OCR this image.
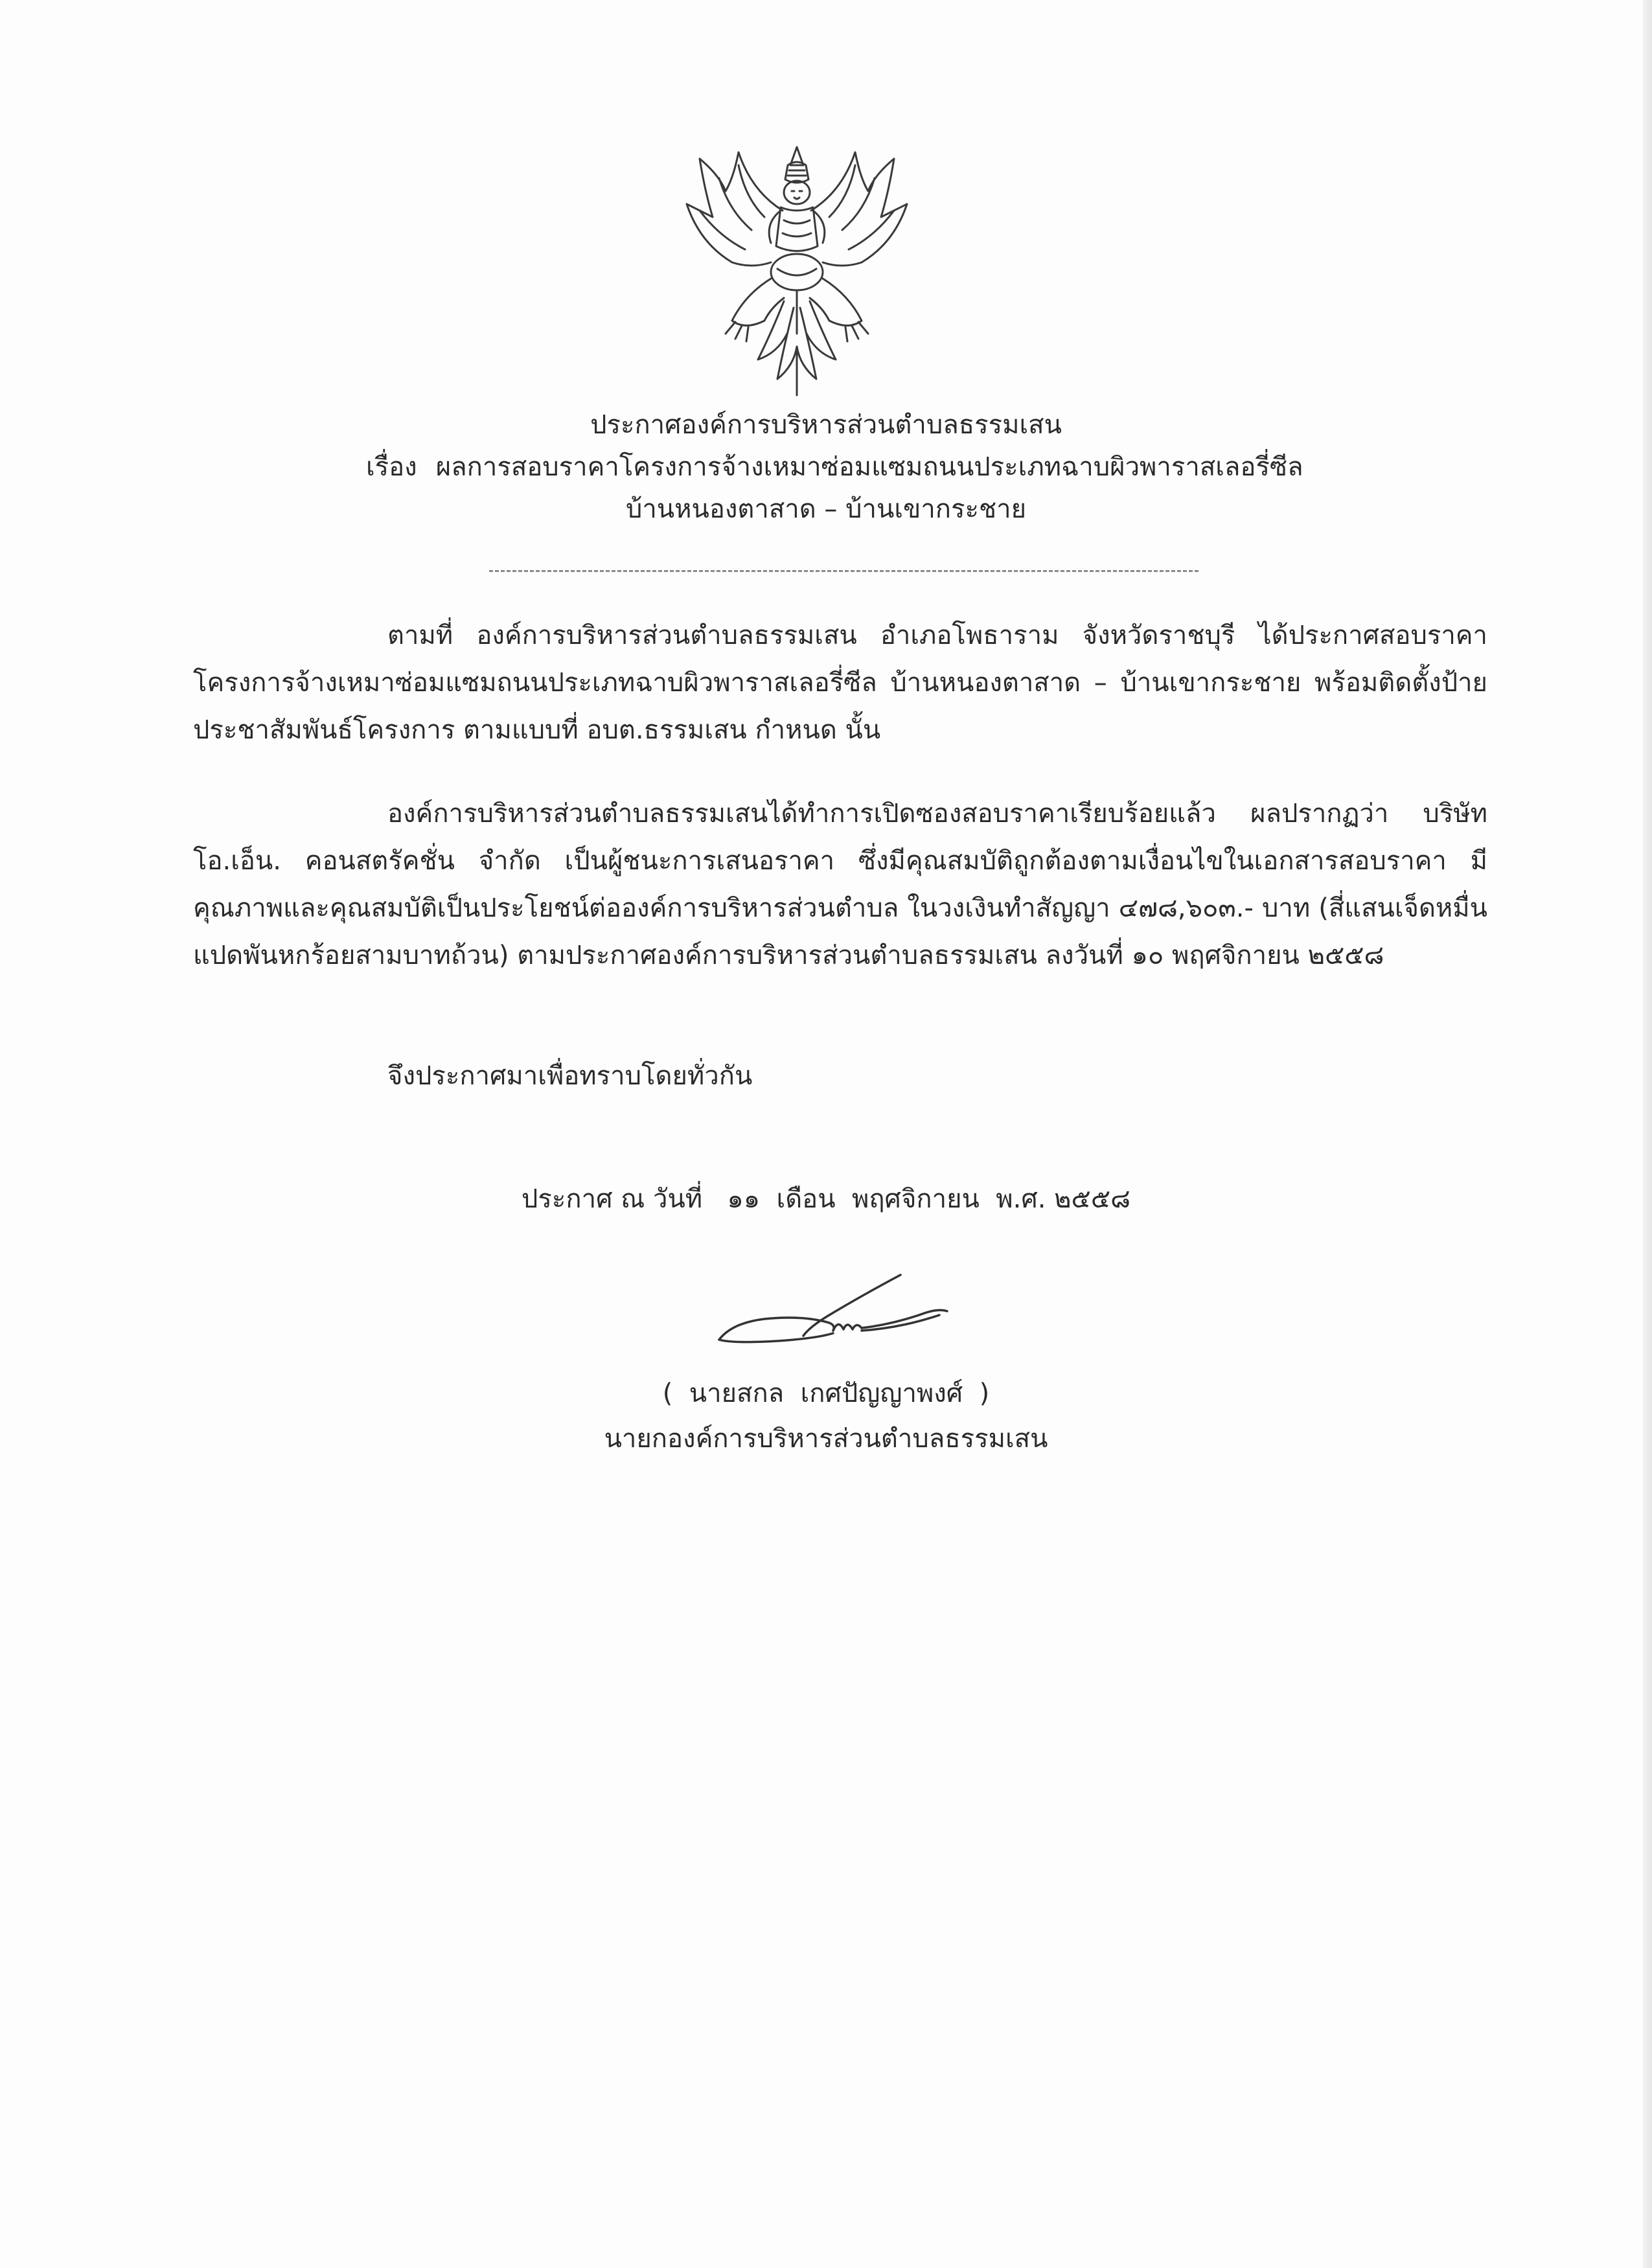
ประกาศองค์การบริหารส่วนตำบลธรรมเสน
เรื่อง ผลการสอบราคาโครงการจ้างเหมาซ่อมแซมถนนประเภทฉาบผิวพาราสเลอรี่ซีล
บ้านหนองตาสาด – บ้านเขากระชาย
ตามที่ องค์การบริหารส่วนตำบลธรรมเสน อำเภอโพธาราม จังหวัดราชบุรี ได้ประกาศสอบราคาโครงการจ้างเหมาซ่อมแซมถนนประเภทฉาบผิวพาราสเลอรี่ซีล บ้านหนองตาสาด – บ้านเขากระชาย พร้อมติดตั้งป้ายประชาสัมพันธ์โครงการ ตามแบบที่ อบต.ธรรมเสน กำหนด นั้น
องค์การบริหารส่วนตำบลธรรมเสนได้ทำการเปิดซองสอบราคาเรียบร้อยแล้ว ผลปรากฏว่า บริษัท โอ.เอ็น. คอนสตรัคชั่น จำกัด เป็นผู้ชนะการเสนอราคา ซึ่งมีคุณสมบัติถูกต้องตามเงื่อนไขในเอกสารสอบราคา มีคุณภาพและคุณสมบัติเป็นประโยชน์ต่อองค์การบริหารส่วนตำบล ในวงเงินทำสัญญา ๔๗๘,๖๐๓.- บาท (สี่แสนเจ็ดหมื่นแปดพันหกร้อยสามบาทถ้วน) ตามประกาศองค์การบริหารส่วนตำบลธรรมเสน ลงวันที่ ๑๐ พฤศจิกายน ๒๕๕๘
จึงประกาศมาเพื่อทราบโดยทั่วกัน
ประกาศ ณ วันที่   ๑๑  เดือน  พฤศจิกายน  พ.ศ. ๒๕๕๘
(  นายสกล  เกศปัญญาพงศ์  )
นายกองค์การบริหารส่วนตำบลธรรมเสน
